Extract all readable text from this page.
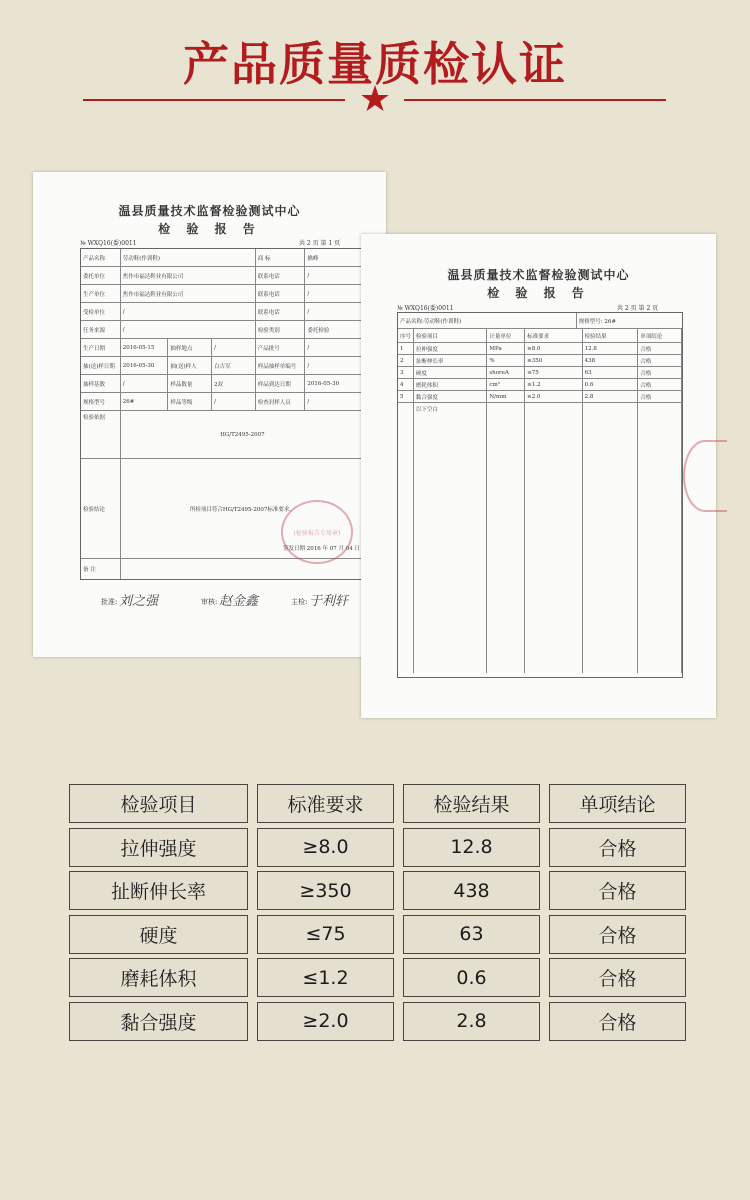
产品质量质检认证
★
温县质量技术监督检验测试中心
检 验 报 告
№ WXQ16(委)0011	共 2 页 第 1 页
产品名称	劳动鞋(作训鞋)	商 标	擒峰
委托单位	焦作市福达鞋业有限公司	联系电话	/
生产单位	焦作市福达鞋业有限公司	联系电话	/
受检单位	/	联系电话	/
任务来源	/	检验类别	委托检验
生产日期	2016-05-15	抽样地点	/	产品批号	/
抽(送)样日期	2016-05-30	抽(送)样人	白吉军	样品抽样单编号	/
抽样基数	/	样品数量	2双	样品到达日期	2016-05-30
规格型号	26#	样品等级	/	检查封样人员	/
检验依据
HG/T2495-2007
检验结论	所检项目符合HG/T2495-2007标准要求。
签发日期 2016 年 07 月 04 日
备 注
(检验报告专用章)
批准: 刘之强	审核: 赵金鑫	主检: 于利轩
温县质量技术监督检验测试中心
检 验 报 告
№ WXQ16(委)0011	共 2 页 第 2 页
产品名称:劳动鞋(作训鞋)	规格型号: 26#
序号 检验项目	计量单位	标准要求	检验结果	单项结论
1	拉伸强度	MPa	≥8.0	12.8	合格
2	扯断伸长率	%	≥350	438	合格
3	硬度	shoreA	≤75	63	合格
4	磨耗体积	cm³	≤1.2	0.6	合格
5	黏合强度	N/mm	≥2.0	2.8	合格
以下空白
检验项目	标准要求	检验结果	单项结论
拉伸强度	≥8.0	12.8	合格
扯断伸长率	≥350	438	合格
硬度	≤75	63	合格
磨耗体积	≤1.2	0.6	合格
黏合强度	≥2.0	2.8	合格
